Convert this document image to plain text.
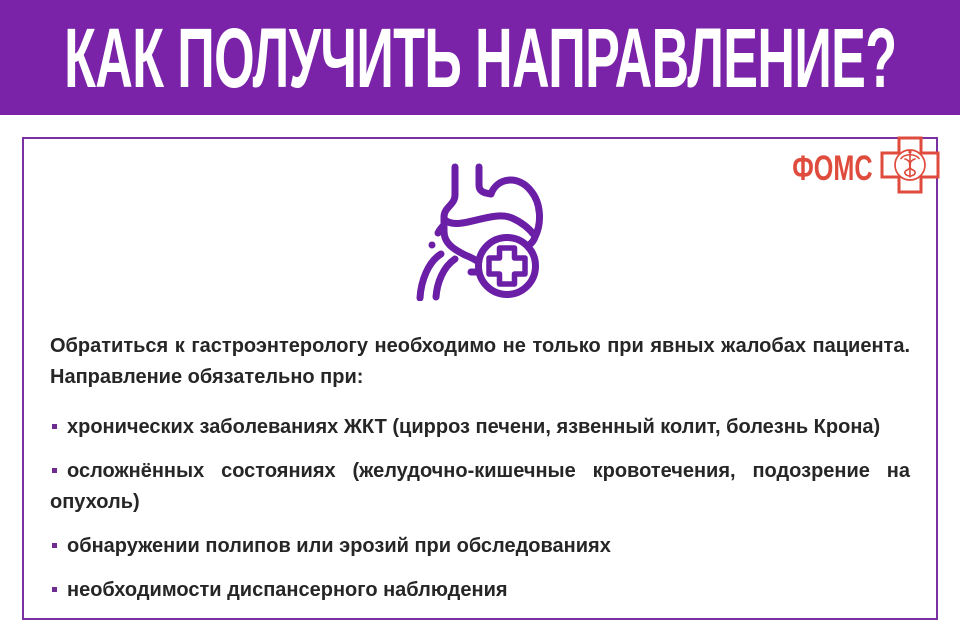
КАК ПОЛУЧИТЬ НАПРАВЛЕНИЕ?

Обратиться к гастроэнтерологу необходимо не только при явных жалобах пациента. Направление обязательно при:

хронических заболеваниях ЖКТ (цирроз печени, язвенный колит, болезнь Крона)
осложнённых состояниях (желудочно-кишечные кровотечения, подозрение на опухоль)
обнаружении полипов или эрозий при обследованиях
необходимости диспансерного наблюдения
ФОМС
